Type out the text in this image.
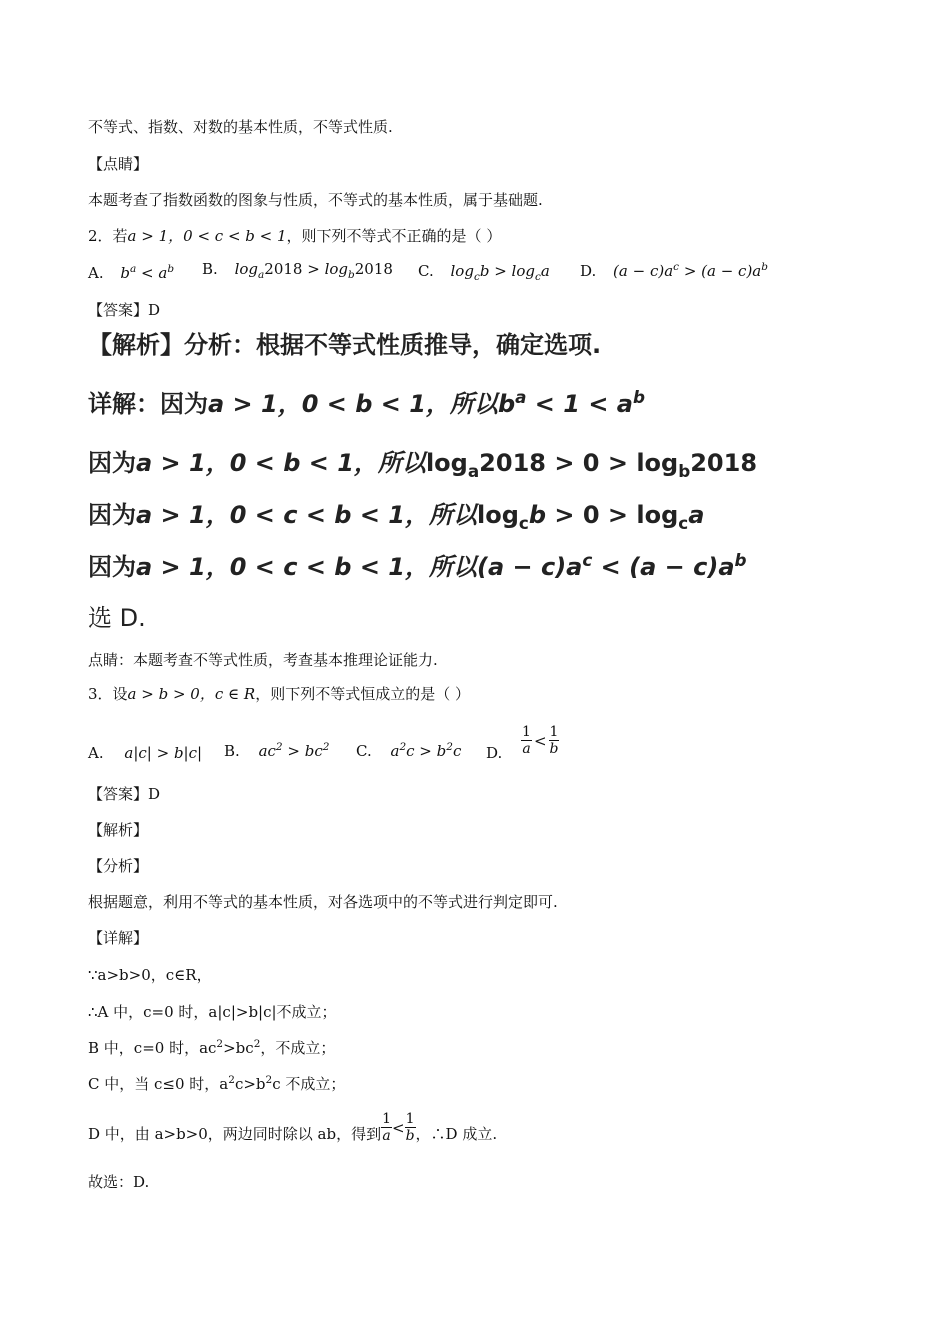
不等式、指数、对数的基本性质，不等式性质.
【点睛】
本题考查了指数函数的图象与性质，不等式的基本性质，属于基础题.
2．若a > 1，0 < c < b < 1，则下列不等式不正确的是（ ）
A. $b^a < a^b$ B. $\log_a2018 > \log_b2018$ C. $\log_cb > \log_ca$ D. $(a - c)a^c > (a - c)a^b$
【答案】D
【解析】分析：根据不等式性质推导，确定选项.
详解：因为a > 1，0 < b < 1，所以$b^a < 1 < a^b$
因为a > 1，0 < b < 1，所以$\log_a2018 > 0 > \log_b2018$
因为a > 1，0 < c < b < 1，所以$\log_cb > 0 > \log_ca$
因为a > 1，0 < c < b < 1，所以$(a - c)a^c < (a - c)a^b$
选 D.
点睛：本题考查不等式性质，考查基本推理论证能力.
3．设a > b > 0，c ∈ R，则下列不等式恒成立的是（ ）
A. a|c| > b|c| B. $ac^2 > bc^2$ C. $a^2c > b^2c$ D. $\frac{1}{a} < \frac{1}{b}$
【答案】D
【解析】
【分析】
根据题意，利用不等式的基本性质，对各选项中的不等式进行判定即可.
【详解】
∵a>b>0，c∈R，
∴A 中，c=0 时，a|c|>b|c|不成立；
B 中，c=0 时，$ac^2>bc^2$，不成立；
C 中，当 c≤0 时，$a^2c>b^2c$ 不成立；
D 中，由 a>b>0，两边同时除以 ab，得到 $\frac{1}{a} < \frac{1}{b}$ ，∴D 成立.
故选：D.
